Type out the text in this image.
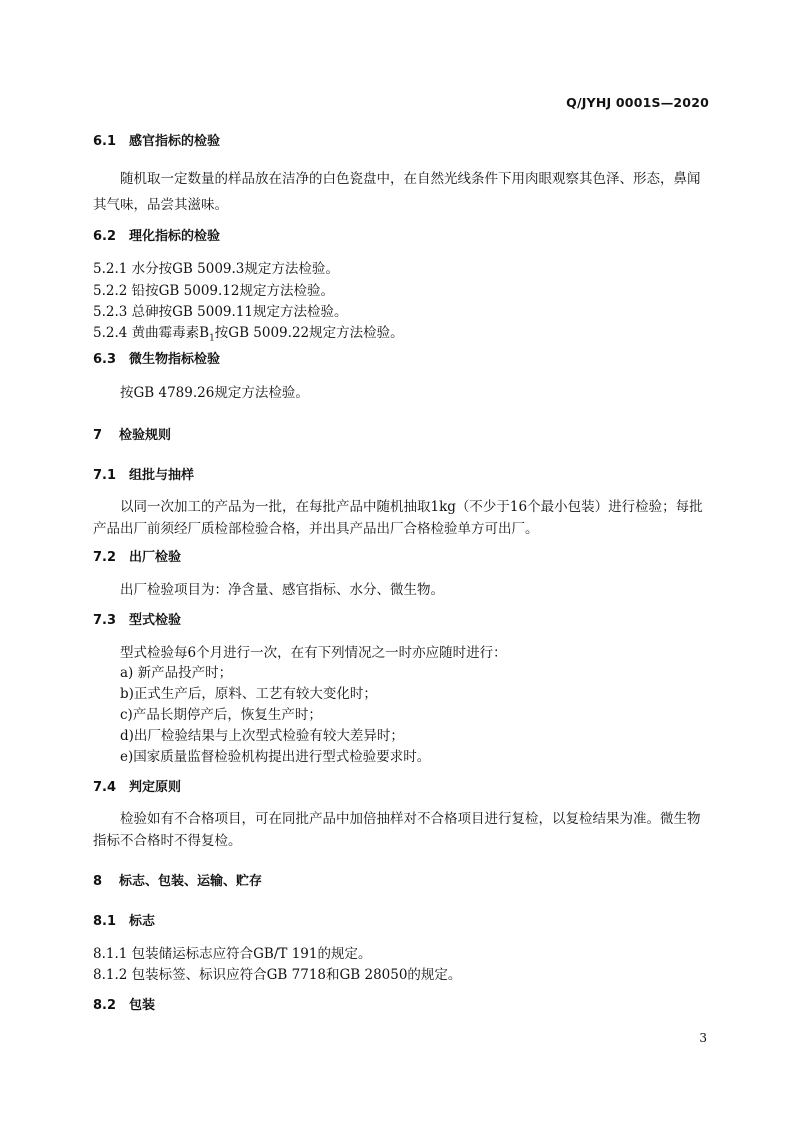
Q/JYHJ 0001S—2020
6.1 感官指标的检验
随机取一定数量的样品放在洁净的白色瓷盘中，在自然光线条件下用肉眼观察其色泽、形态，鼻闻
其气味，品尝其滋味。
6.2 理化指标的检验
5.2.1 水分按GB 5009.3规定方法检验。
5.2.2 铅按GB 5009.12规定方法检验。
5.2.3 总砷按GB 5009.11规定方法检验。
5.2.4 黄曲霉毒素$B_1$按GB 5009.22规定方法检验。
6.3 微生物指标检验
按GB 4789.26规定方法检验。
7 检验规则
7.1 组批与抽样
以同一次加工的产品为一批，在每批产品中随机抽取1kg（不少于16个最小包装）进行检验；每批
产品出厂前须经厂质检部检验合格，并出具产品出厂合格检验单方可出厂。
7.2 出厂检验
出厂检验项目为：净含量、感官指标、水分、微生物。
7.3 型式检验
型式检验每6个月进行一次，在有下列情况之一时亦应随时进行：
a) 新产品投产时；
b)正式生产后，原料、工艺有较大变化时；
c)产品长期停产后，恢复生产时；
d)出厂检验结果与上次型式检验有较大差异时；
e)国家质量监督检验机构提出进行型式检验要求时。
7.4 判定原则
检验如有不合格项目，可在同批产品中加倍抽样对不合格项目进行复检，以复检结果为准。微生物
指标不合格时不得复检。
8 标志、包装、运输、贮存
8.1 标志
8.1.1 包装储运标志应符合GB/T 191的规定。
8.1.2 包装标签、标识应符合GB 7718和GB 28050的规定。
8.2 包装
3
